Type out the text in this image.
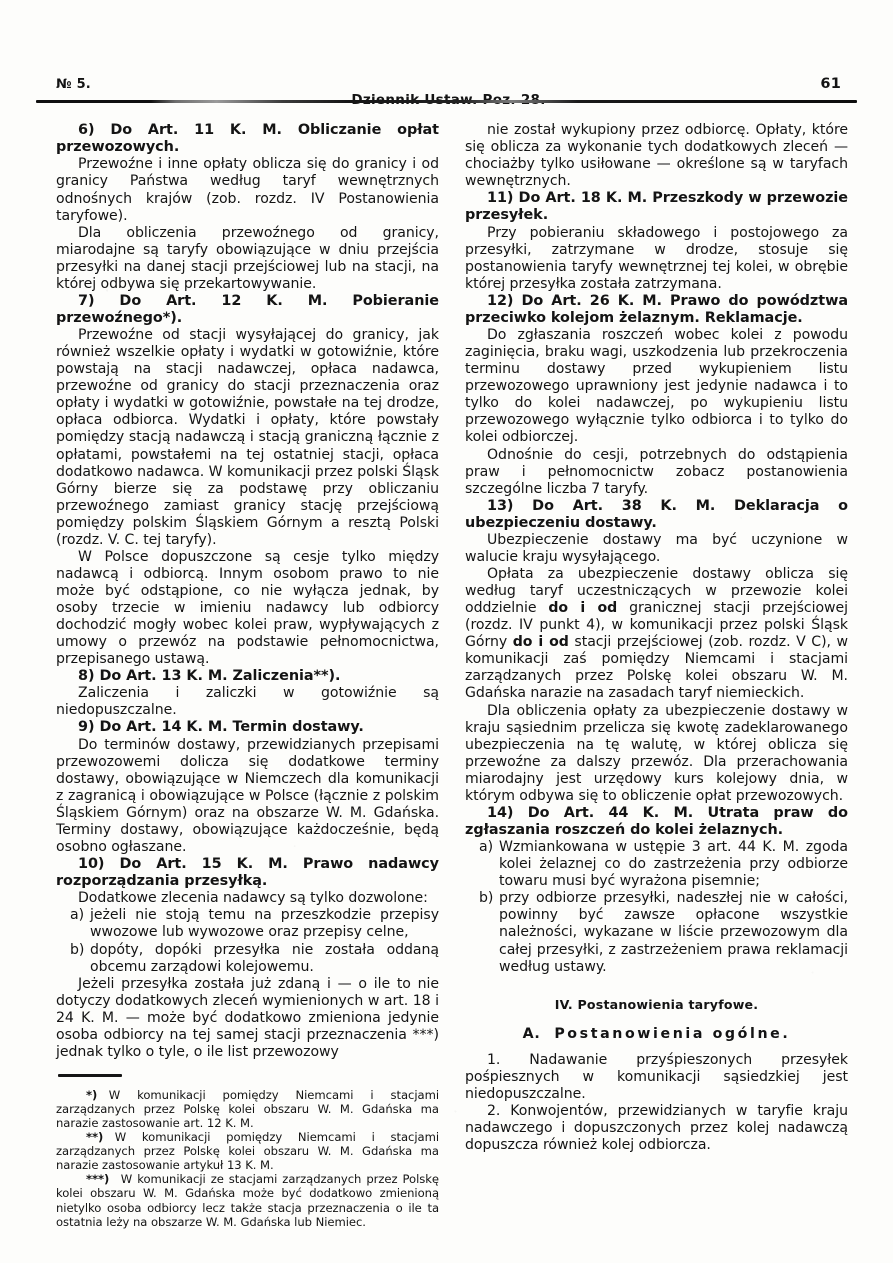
№ 5.	61

6) Do Art. 11 K. M. Obliczanie opłat przewozowych.

Przewoźne i inne opłaty oblicza się do granicy i od granicy Państwa według taryf wewnętrznych odnośnych krajów (zob. rozdz. IV Postanowienia taryfowe).

Dla obliczenia przewoźnego od granicy, miarodajne są taryfy obowiązujące w dniu przejścia przesyłki na danej stacji przejściowej lub na stacji, na której odbywa się przekartowywanie.

7) Do Art. 12 K. M. Pobieranie przewoźnego*).

Przewoźne od stacji wysyłającej do granicy, jak również wszelkie opłaty i wydatki w gotowiźnie, które powstają na stacji nadawczej, opłaca nadawca, przewoźne od granicy do stacji przeznaczenia oraz opłaty i wydatki w gotowiźnie, powstałe na tej drodze, opłaca odbiorca. Wydatki i opłaty, które powstały pomiędzy stacją nadawczą i stacją graniczną łącznie z opłatami, powstałemi na tej ostatniej stacji, opłaca dodatkowo nadawca. W komunikacji przez polski Śląsk Górny bierze się za podstawę przy obliczaniu przewoźnego zamiast granicy stację przejściową pomiędzy polskim Śląskiem Górnym a resztą Polski (rozdz. V. C. tej taryfy).

W Polsce dopuszczone są cesje tylko między nadawcą i odbiorcą. Innym osobom prawo to nie może być odstąpione, co nie wyłącza jednak, by osoby trzecie w imieniu nadawcy lub odbiorcy dochodzić mogły wobec kolei praw, wypływających z umowy o przewóz na podstawie pełnomocnictwa, przepisanego ustawą.

8) Do Art. 13 K. M. Zaliczenia**).

Zaliczenia i zaliczki w gotowiźnie są niedopuszczalne.

9) Do Art. 14 K. M. Termin dostawy.

Do terminów dostawy, przewidzianych przepisami przewozowemi dolicza się dodatkowe terminy dostawy, obowiązujące w Niemczech dla komunikacji z zagranicą i obowiązujące w Polsce (łącznie z polskim Śląskiem Górnym) oraz na obszarze W. M. Gdańska. Terminy dostawy, obowiązujące każdocześnie, będą osobno ogłaszane.

10) Do Art. 15 K. M. Prawo nadawcy rozporządzania przesyłką.

Dodatkowe zlecenia nadawcy są tylko dozwolone:

a) jeżeli nie stoją temu na przeszkodzie przepisy wwozowe lub wywozowe oraz przepisy celne,
b) dopóty, dopóki przesyłka nie została oddaną obcemu zarządowi kolejowemu.

Jeżeli przesyłka została już zdaną i — o ile to nie dotyczy dodatkowych zleceń wymienionych w art. 18 i 24 K. M. — może być dodatkowo zmieniona jedynie osoba odbiorcy na tej samej stacji przeznaczenia ***) jednak tylko o tyle, o ile list przewozowy

*)   W komunikacji pomiędzy Niemcami i stacjami zarządzanych przez Polskę kolei obszaru W. M. Gdańska ma narazie zastosowanie art. 12 K. M.

**)   W komunikacji pomiędzy Niemcami i stacjami zarządzanych przez Polskę kolei obszaru W. M. Gdańska ma narazie zastosowanie artykuł 13 K. M.

***)   W komunikacji ze stacjami zarządzanych przez Polskę kolei obszaru W. M. Gdańska może być dodatkowo zmienioną nietylko osoba odbiorcy lecz także stacja przeznaczenia o ile ta ostatnia leży na obszarze W. M. Gdańska lub Niemiec.

nie został wykupiony przez odbiorcę. Opłaty, które się oblicza za wykonanie tych dodatkowych zleceń — chociażby tylko usiłowane — określone są w taryfach wewnętrznych.

11) Do Art. 18 K. M. Przeszkody w przewozie przesyłek.

Przy pobieraniu składowego i postojowego za przesyłki, zatrzymane w drodze, stosuje się postanowienia taryfy wewnętrznej tej kolei, w obrębie której przesyłka została zatrzymana.

12) Do Art. 26 K. M. Prawo do powództwa przeciwko kolejom żelaznym. Reklamacje.

Do zgłaszania roszczeń wobec kolei z powodu zaginięcia, braku wagi, uszkodzenia lub przekroczenia terminu dostawy przed wykupieniem listu przewozowego uprawniony jest jedynie nadawca i to tylko do kolei nadawczej, po wykupieniu listu przewozowego wyłącznie tylko odbiorca i to tylko do kolei odbiorczej.

Odnośnie do cesji, potrzebnych do odstąpienia praw i pełnomocnictw zobacz postanowienia szczególne liczba 7 taryfy.

13) Do Art. 38 K. M. Deklaracja o ubezpieczeniu dostawy.

Ubezpieczenie dostawy ma być uczynione w walucie kraju wysyłającego.

Opłata za ubezpieczenie dostawy oblicza się według taryf uczestniczących w przewozie kolei oddzielnie do i od granicznej stacji przejściowej (rozdz. IV punkt 4), w komunikacji przez polski Śląsk Górny do i od stacji przejściowej (zob. rozdz. V C), w komunikacji zaś pomiędzy Niemcami i stacjami zarządzanych przez Polskę kolei obszaru W. M. Gdańska narazie na zasadach taryf niemieckich.

Dla obliczenia opłaty za ubezpieczenie dostawy w kraju sąsiednim przelicza się kwotę zadeklarowanego ubezpieczenia na tę walutę, w której oblicza się przewoźne za dalszy przewóz. Dla przerachowania miarodajny jest urzędowy kurs kolejowy dnia, w którym odbywa się to obliczenie opłat przewozowych.

14) Do Art. 44 K. M. Utrata praw do zgłaszania roszczeń do kolei żelaznych.

a) Wzmiankowana w ustępie 3 art. 44 K. M. zgoda kolei żelaznej co do zastrzeżenia przy odbiorze towaru musi być wyrażona pisemnie;
b) przy odbiorze przesyłki, nadeszłej nie w całości, powinny być zawsze opłacone wszystkie należności, wykazane w liście przewozowym dla całej przesyłki, z zastrzeżeniem prawa reklamacji według ustawy.

IV. Postanowienia taryfowe.

A.   Postanowienia ogólne.

1. Nadawanie przyśpieszonych przesyłek pośpiesznych w komunikacji sąsiedzkiej jest niedopuszczalne.

2. Konwojentów, przewidzianych w taryfie kraju nadawczego i dopuszczonych przez kolej nadawczą dopuszcza również kolej odbiorcza.
